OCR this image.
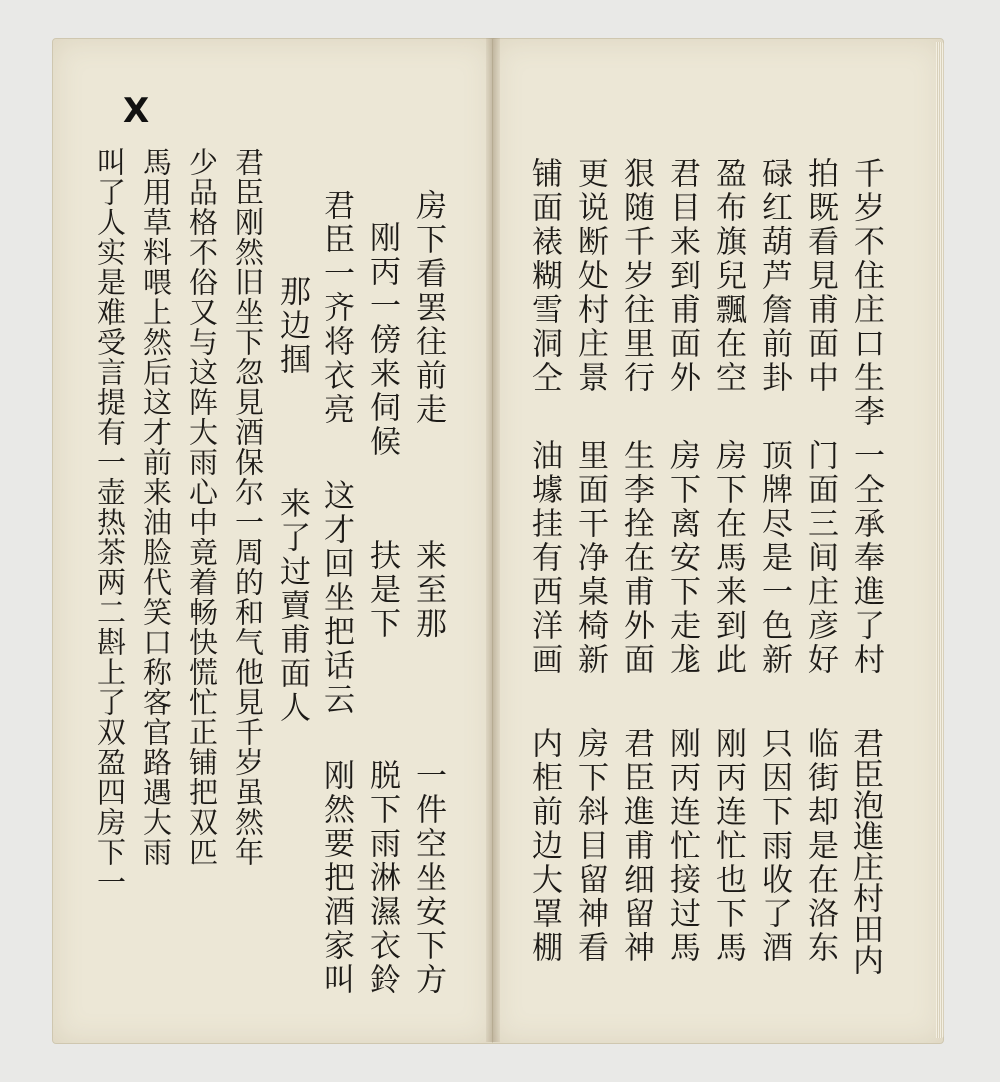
X
房下看罢往前走
刚丙一傍来伺候
君臣一齐将衣亮
那边掴
来了过賣甫面人 这才回坐把话云 扶是下 来至那
一件空坐安下方
脱下雨淋濕衣鈴
刚然要把酒家叫
君臣刚然旧坐下忽見酒保尔一周的和气他見千岁虽然年
少品格不俗又与这阵大雨心中竟着畅快慌忙正铺把双匹
馬用草料喂上然后这才前来油脸代笑口称客官路遇大雨
叫了人实是难受言提有一壶热茶两二斟上了双盈四房下一	千岁不住庄口生李
拍既看見甫面中
碌红葫芦詹前卦
盈布旗兒飄在空
君目来到甫面外
狠随千岁往里行
更说断处村庄景
铺面裱糊雪洞仝
一仝承奉進了村
门面三间庄彦好
顶牌尽是一色新
房下在馬来到此
房下离安下走尨
生李拴在甫外面
里面干净桌椅新
油壉挂有西洋画
君臣泡進庄村田内
临街却是在洛东
只因下雨收了酒
刚丙连忙也下馬
刚丙连忙接过馬
君臣進甫细留神
房下斜目留神看
内柜前边大罩棚
